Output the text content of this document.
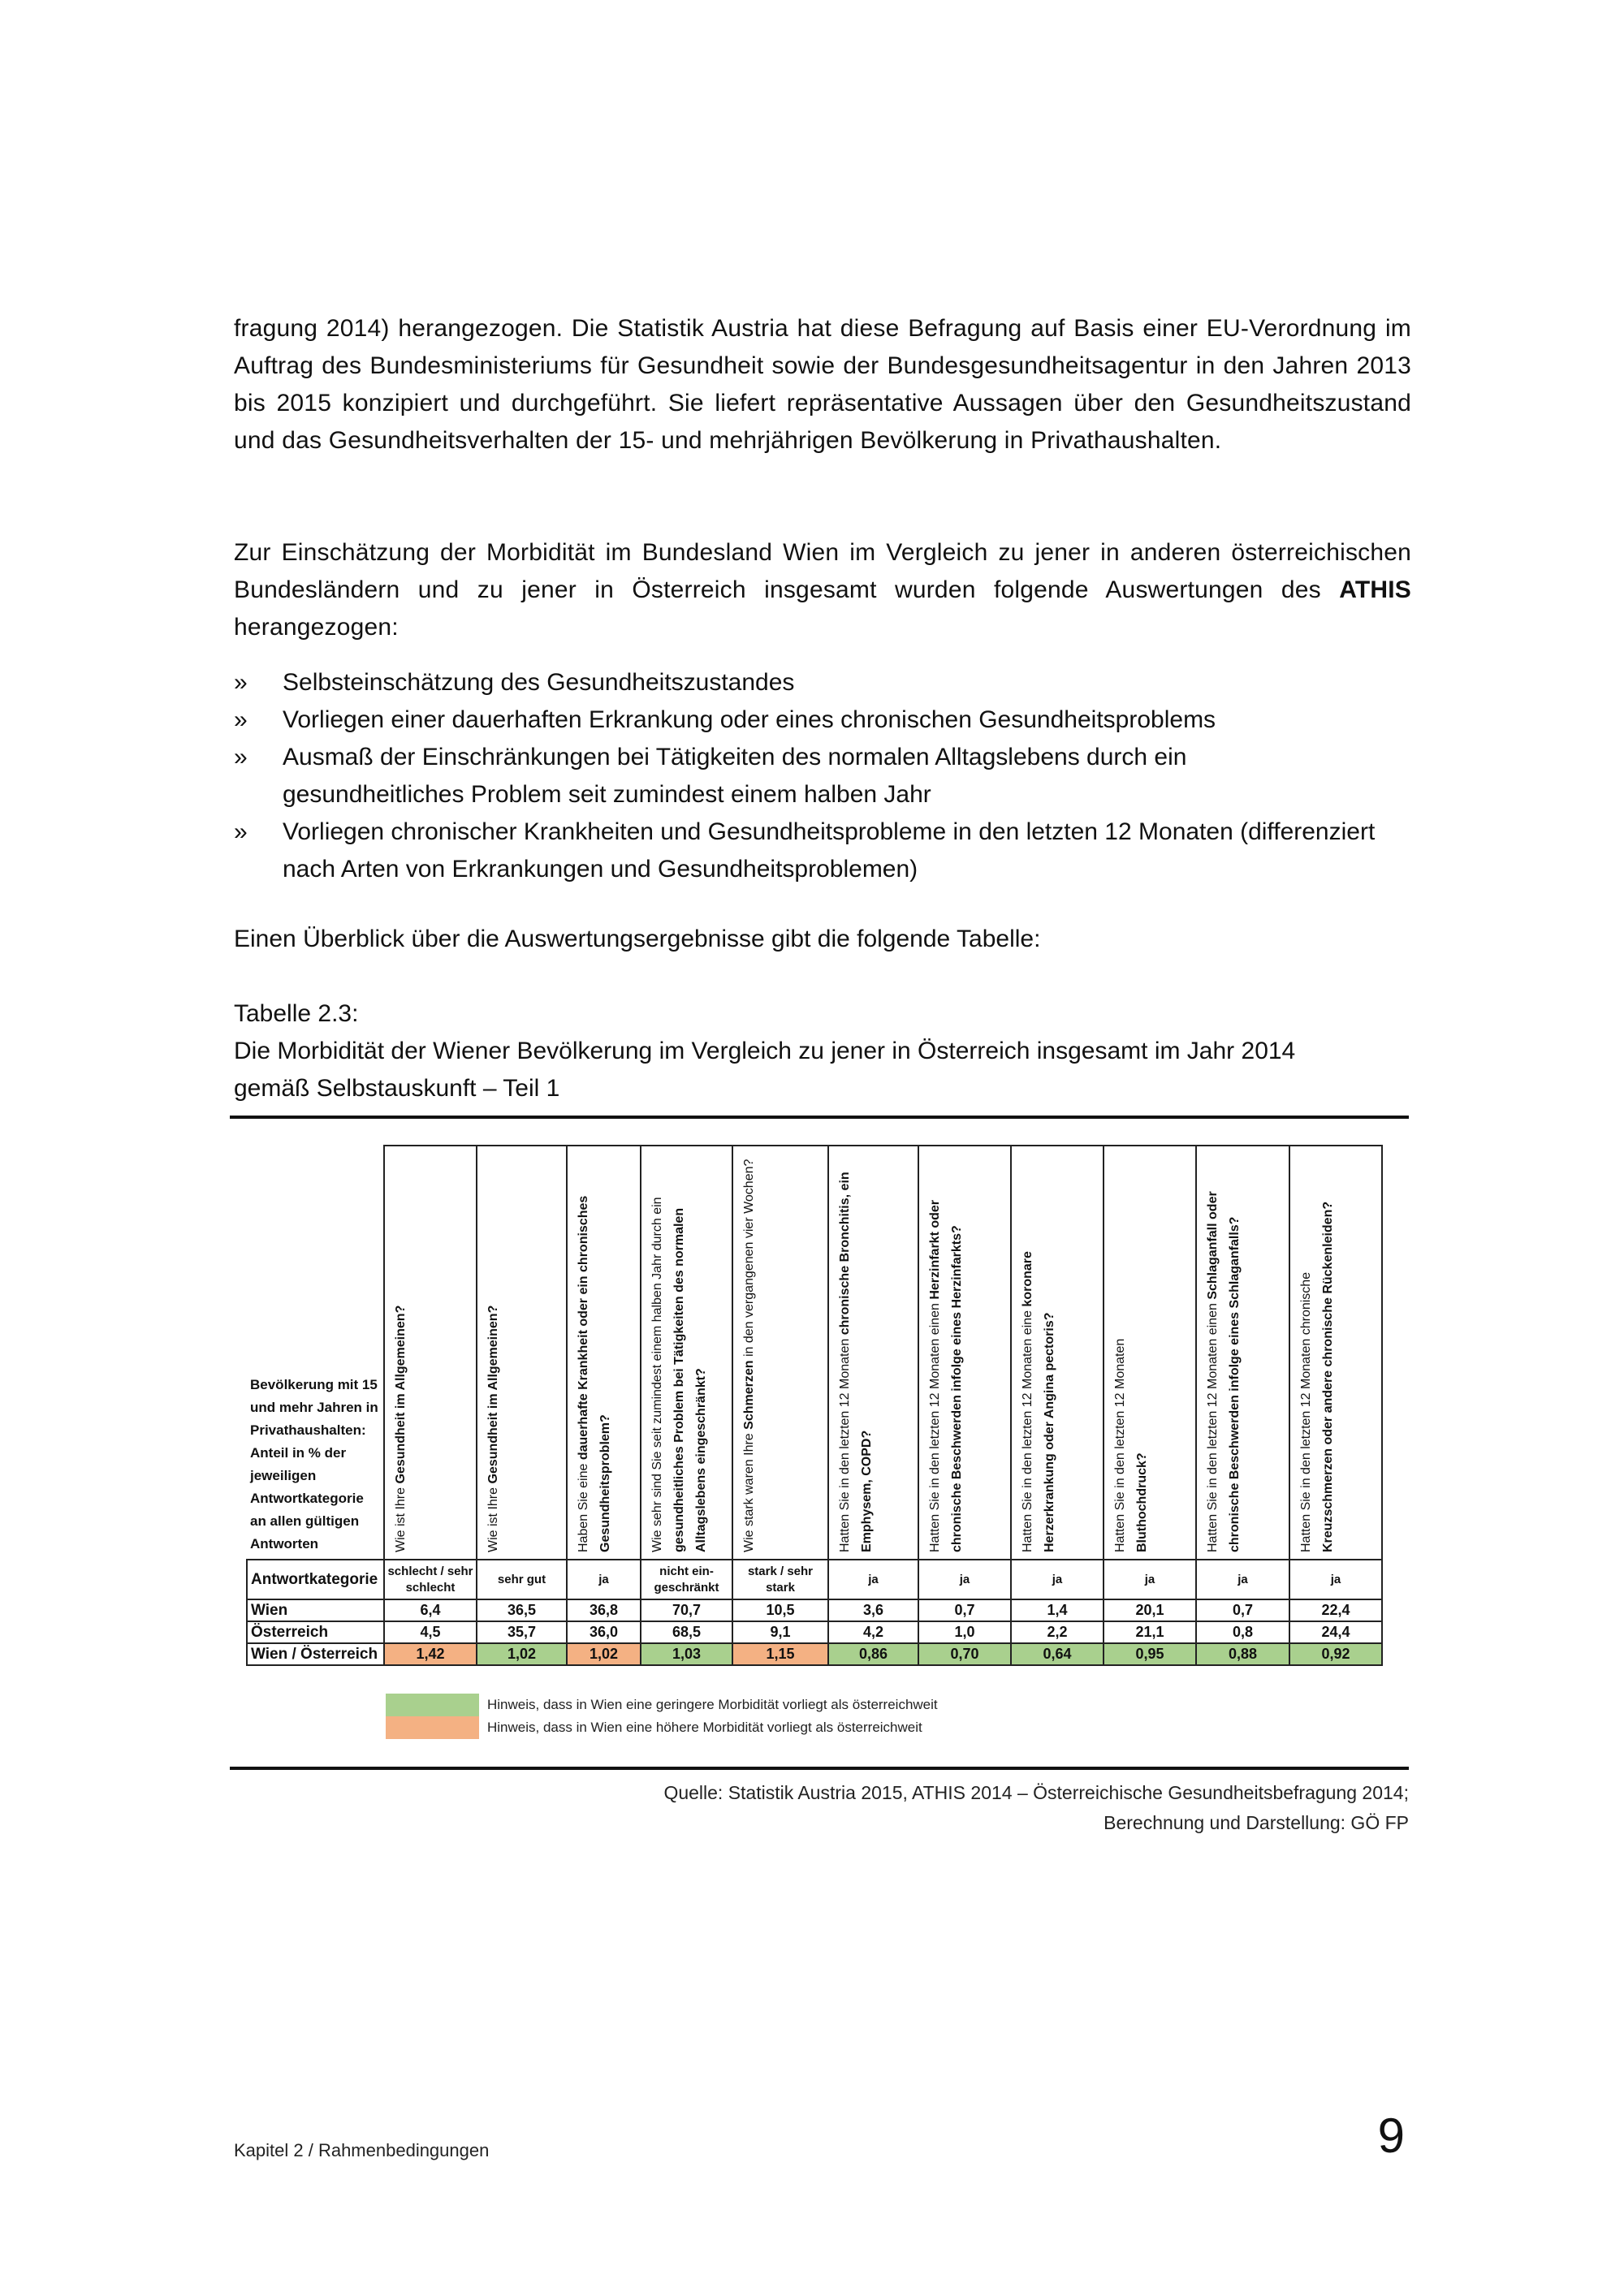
fragung 2014) herangezogen. Die Statistik Austria hat diese Befragung auf Basis einer EU-Verordnung im Auftrag des Bundesministeriums für Gesundheit sowie der Bundesgesundheitsagentur in den Jahren 2013 bis 2015 konzipiert und durchgeführt. Sie liefert repräsentative Aussagen über den Gesundheitszustand und das Gesundheitsverhalten der 15- und mehrjährigen Bevölkerung in Privathaushalten.

Zur Einschätzung der Morbidität im Bundesland Wien im Vergleich zu jener in anderen österreichischen Bundesländern und zu jener in Österreich insgesamt wurden folgende Auswertungen des ATHIS herangezogen:

» Selbsteinschätzung des Gesundheitszustandes
» Vorliegen einer dauerhaften Erkrankung oder eines chronischen Gesundheitsproblems
» Ausmaß der Einschränkungen bei Tätigkeiten des normalen Alltagslebens durch ein gesundheitliches Problem seit zumindest einem halben Jahr
» Vorliegen chronischer Krankheiten und Gesundheitsprobleme in den letzten 12 Monaten (differenziert nach Arten von Erkrankungen und Gesundheitsproblemen)
Einen Überblick über die Auswertungsergebnisse gibt die folgende Tabelle:
Tabelle 2.3:
Die Morbidität der Wiener Bevölkerung im Vergleich zu jener in Österreich insgesamt im Jahr 2014 gemäß Selbstauskunft – Teil 1
Bevölkerung mit 15 und mehr Jahren in Privathaushalten: Anteil in % der jeweiligen Antwortkategorie an allen gültigen Antworten	Wie ist Ihre Gesundheit im Allgemeinen?	Wie ist Ihre Gesundheit im Allgemeinen?	Haben Sie eine dauerhafte Krankheit oder ein chronisches Gesundheitsproblem?	Wie sehr sind Sie seit zumindest einem halben Jahr durch ein gesundheitliches Problem bei Tätigkeiten des normalen Alltagslebens eingeschränkt?	Wie stark waren Ihre Schmerzen in den vergangenen vier Wochen?	Hatten Sie in den letzten 12 Monaten chronische Bronchitis, ein Emphysem, COPD?	Hatten Sie in den letzten 12 Monaten einen Herzinfarkt oder chronische Beschwerden infolge eines Herzinfarkts?	Hatten Sie in den letzten 12 Monaten eine koronare Herzerkrankung oder Angina pectoris?	Hatten Sie in den letzten 12 Monaten Bluthochdruck?	Hatten Sie in den letzten 12 Monaten einen Schlaganfall oder chronische Beschwerden infolge eines Schlaganfalls?	Hatten Sie in den letzten 12 Monaten chronische Kreuzschmerzen oder andere chronische Rückenleiden?

Antwortkategorie	schlecht / sehr schlecht	sehr gut	ja	nicht ein-geschränkt	stark / sehr stark	ja	ja	ja	ja	ja	ja
Wien	6,4	36,5	36,8	70,7	10,5	3,6	0,7	1,4	20,1	0,7	22,4
Österreich	4,5	35,7	36,0	68,5	9,1	4,2	1,0	2,2	21,1	0,8	24,4
Wien / Österreich	1,42	1,02	1,02	1,03	1,15	0,86	0,70	0,64	0,95	0,88	0,92
Hinweis, dass in Wien eine geringere Morbidität vorliegt als österreichweit
Hinweis, dass in Wien eine höhere Morbidität vorliegt als österreichweit
Quelle: Statistik Austria 2015, ATHIS 2014 – Österreichische Gesundheitsbefragung 2014;
Berechnung und Darstellung: GÖ FP
Kapitel 2 / Rahmenbedingungen	9
